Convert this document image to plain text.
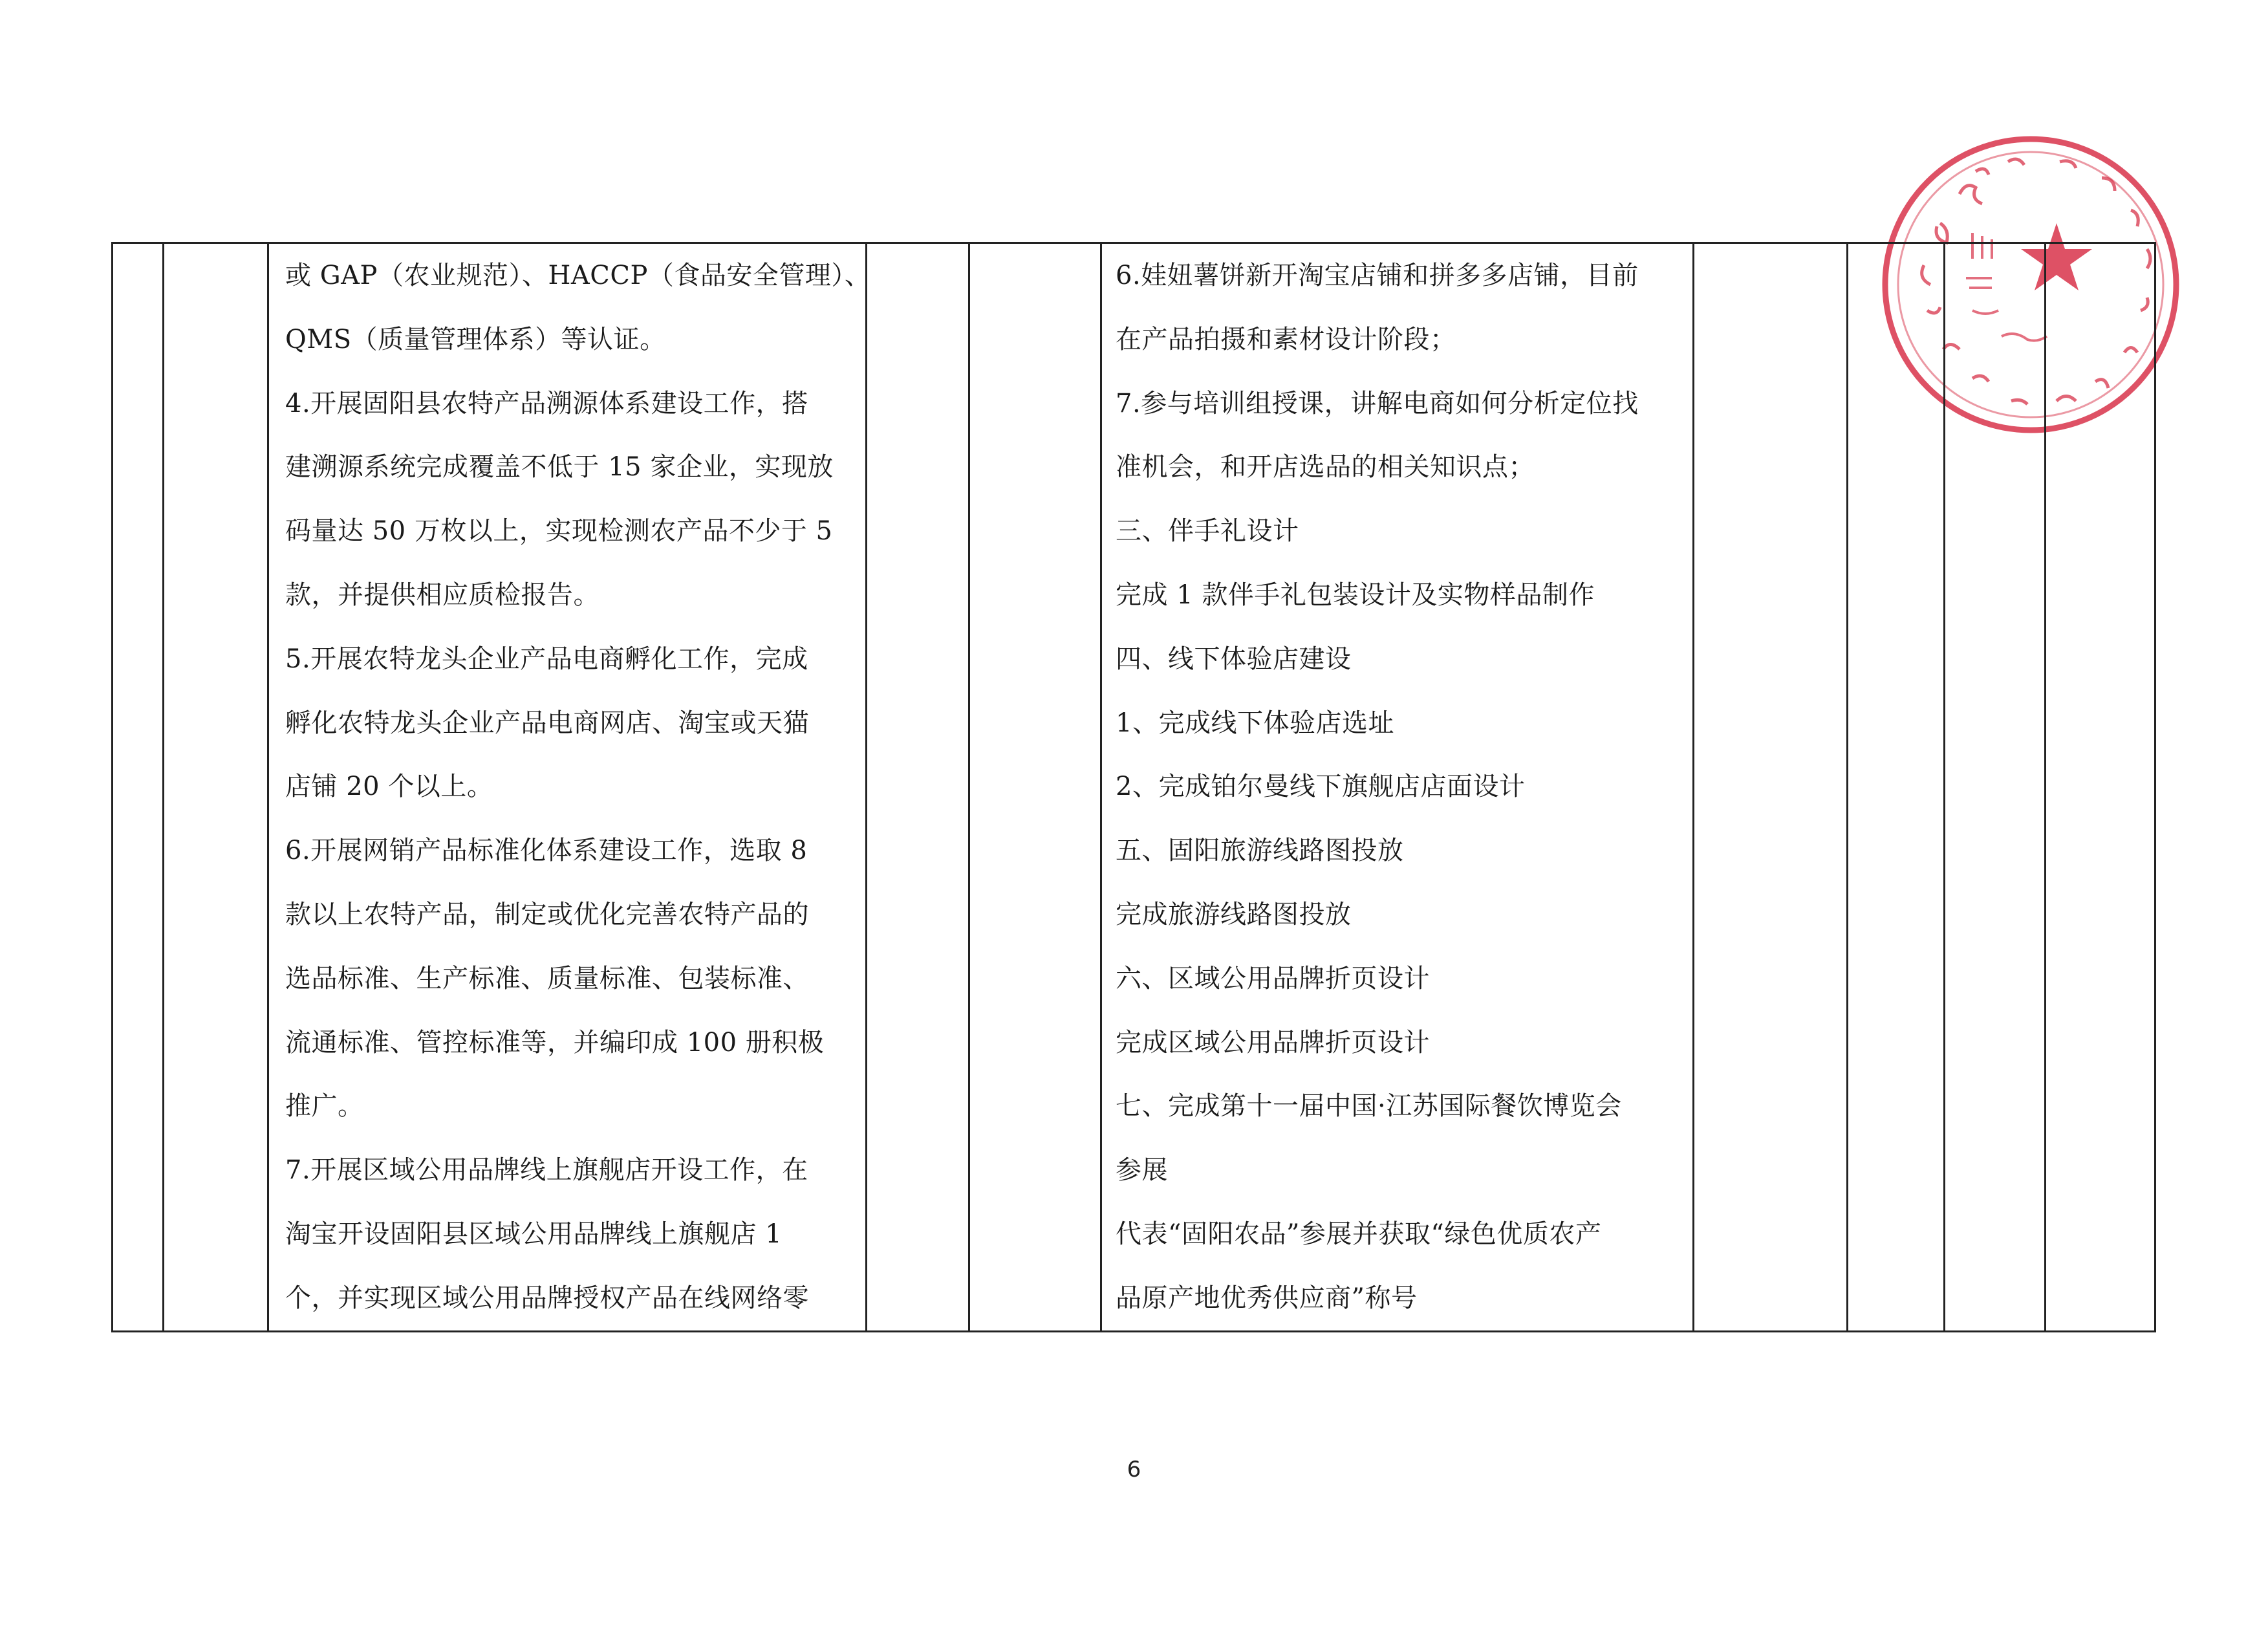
或 GAP（农业规范）、HACCP（食品安全管理）、

QMS（质量管理体系）等认证。

4.开展固阳县农特产品溯源体系建设工作，搭

建溯源系统完成覆盖不低于 15 家企业，实现放

码量达 50 万枚以上，实现检测农产品不少于 5

款，并提供相应质检报告。

5.开展农特龙头企业产品电商孵化工作，完成

孵化农特龙头企业产品电商网店、淘宝或天猫

店铺 20 个以上。

6.开展网销产品标准化体系建设工作，选取 8

款以上农特产品，制定或优化完善农特产品的

选品标准、生产标准、质量标准、包装标准、

流通标准、管控标准等，并编印成 100 册积极

推广。

7.开展区域公用品牌线上旗舰店开设工作，在

淘宝开设固阳县区域公用品牌线上旗舰店 1

个，并实现区域公用品牌授权产品在线网络零

6.娃妞薯饼新开淘宝店铺和拼多多店铺，目前

在产品拍摄和素材设计阶段；

7.参与培训组授课，讲解电商如何分析定位找

准机会，和开店选品的相关知识点；

三、伴手礼设计

完成 1 款伴手礼包装设计及实物样品制作

四、线下体验店建设

1、完成线下体验店选址

2、完成铂尔曼线下旗舰店店面设计

五、固阳旅游线路图投放

完成旅游线路图投放

六、区域公用品牌折页设计

完成区域公用品牌折页设计

七、完成第十一届中国·江苏国际餐饮博览会

参展

代表“固阳农品”参展并获取“绿色优质农产

品原产地优秀供应商”称号

6
